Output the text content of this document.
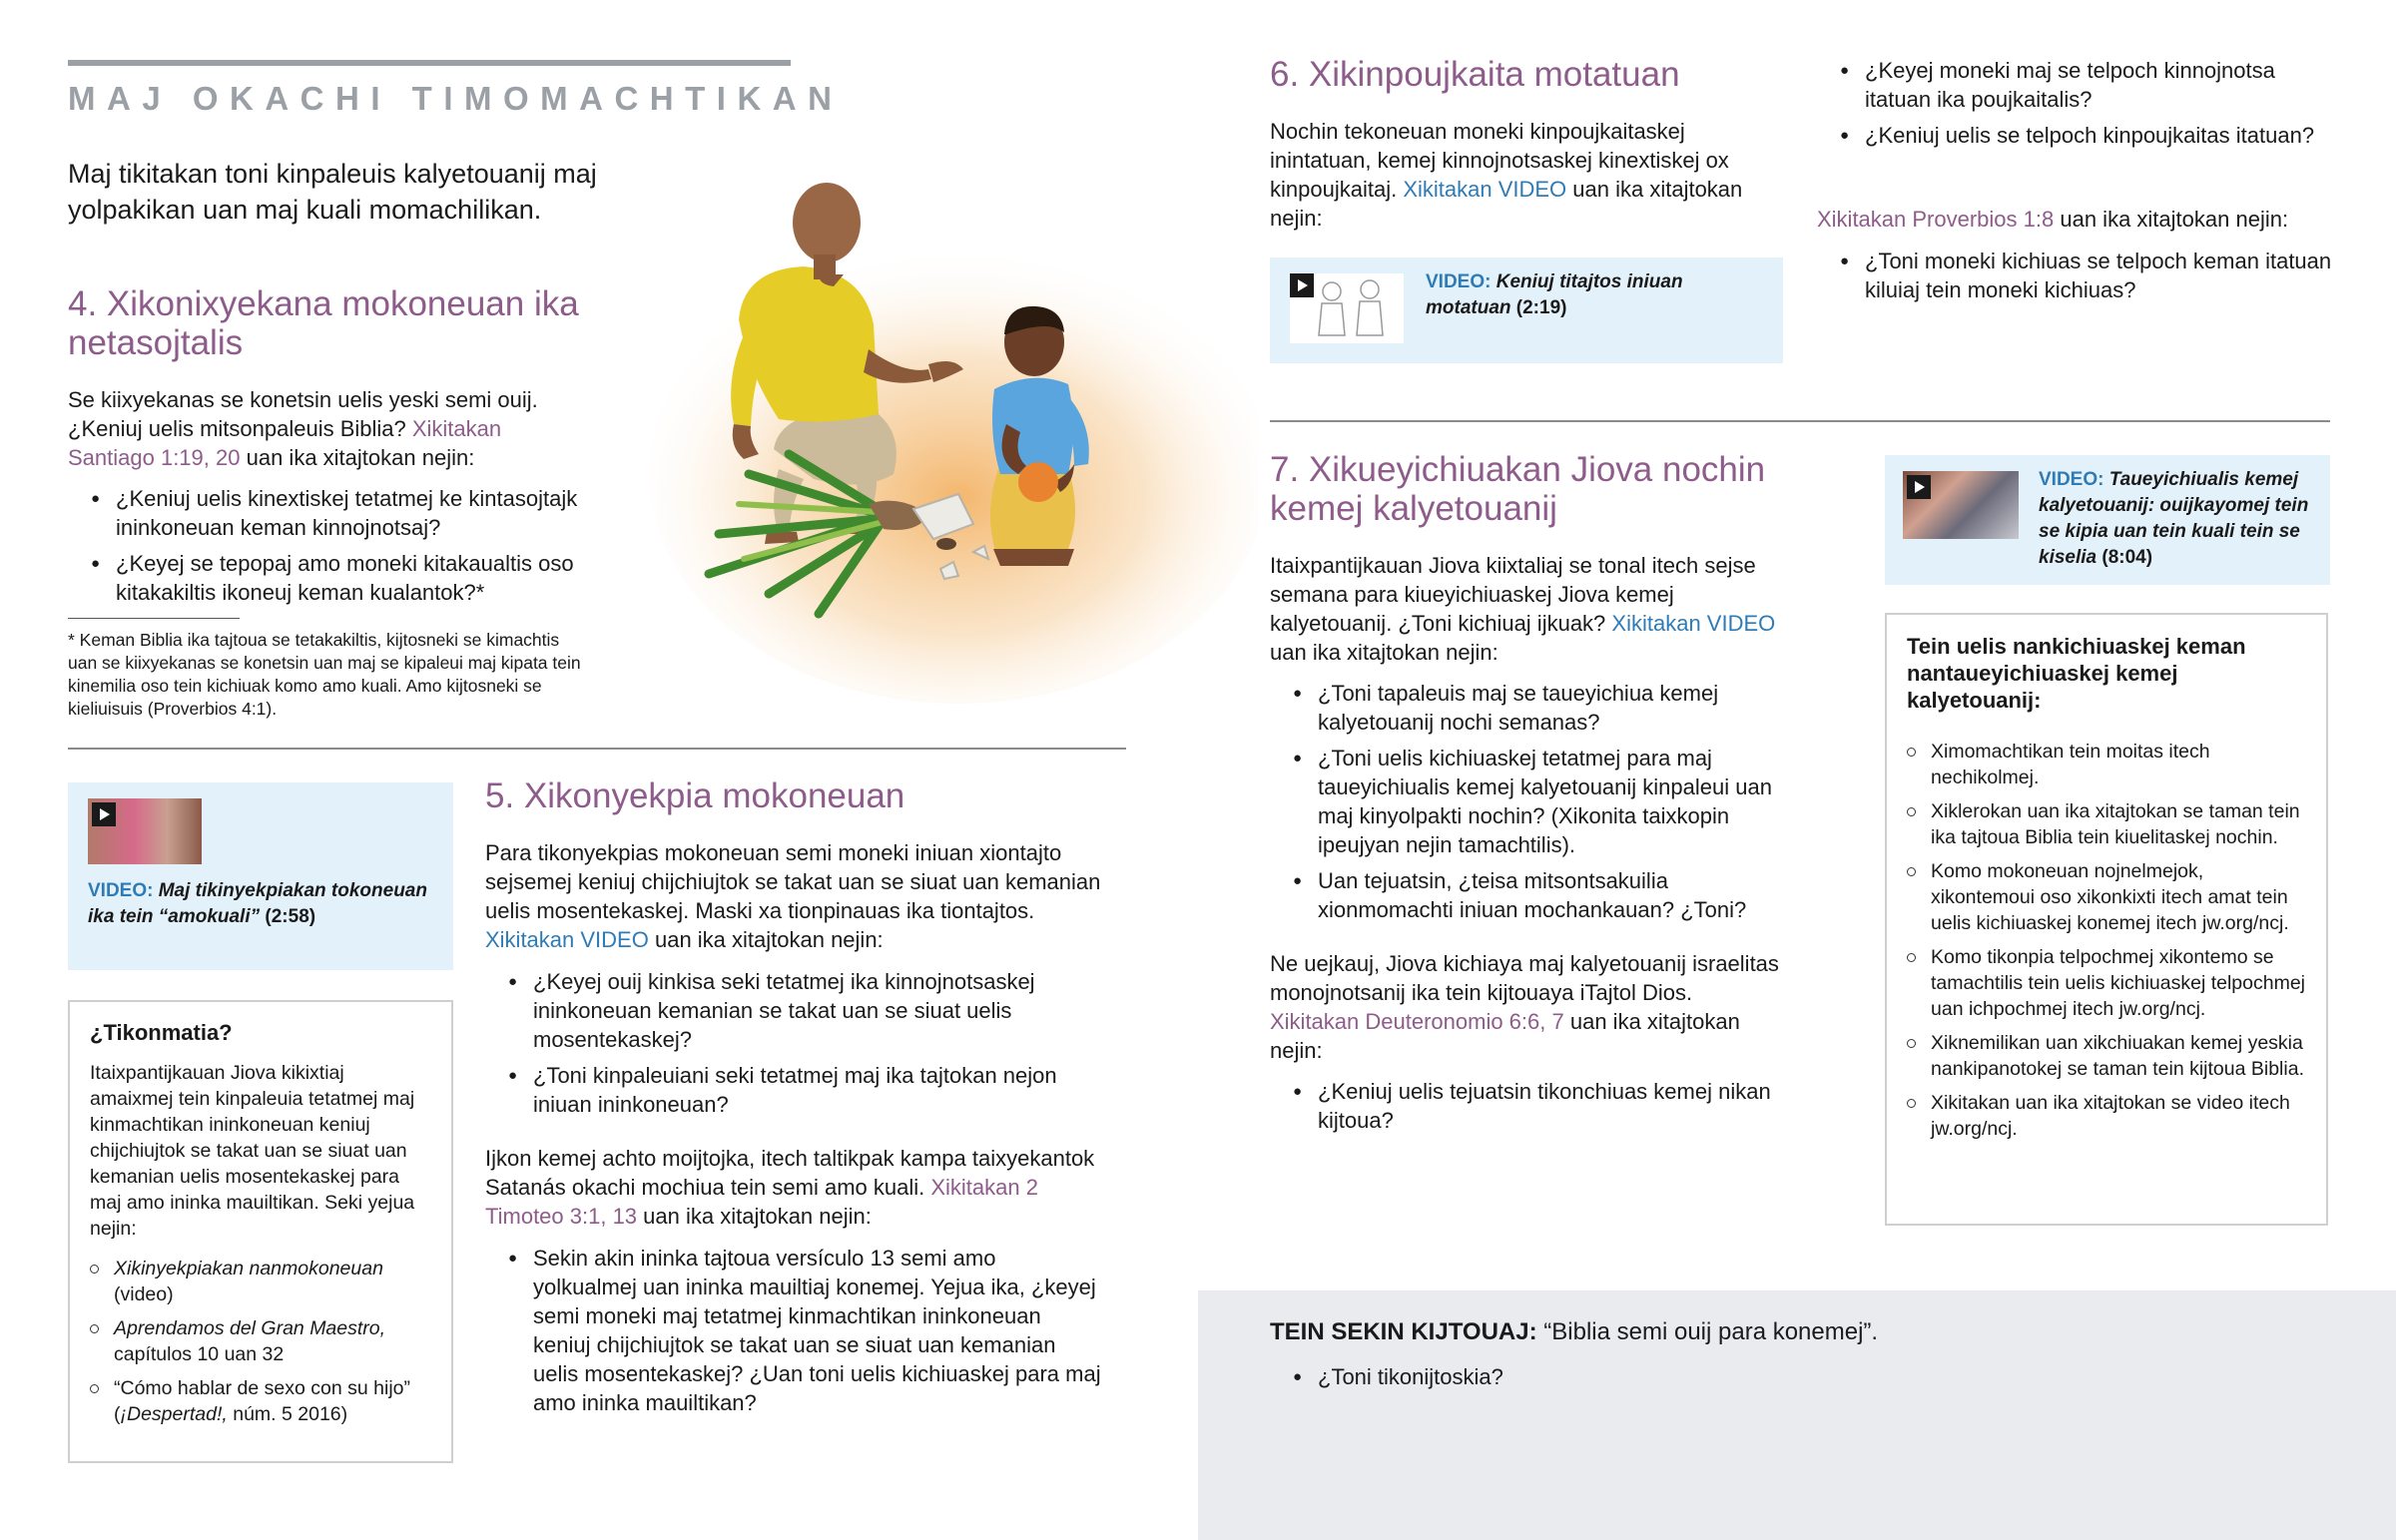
MAJ OKACHI TIMOMACHTIKAN

Maj tikitakan toni kinpaleuis kalyetouanij maj yolpakikan uan maj kuali momachilikan.

4. Xikonixyekana mokoneuan ika netasojtalis

Se kiixyekanas se konetsin uelis yeski semi ouij. ¿Keniuj uelis mitsonpaleuis Biblia? Xikitakan Santiago 1:19, 20 uan ika xitajtokan nejin:

● ¿Keniuj uelis kinextiskej tetatmej ke kintasojtajk ininkoneuan keman kinnojnotsaj?
● ¿Keyej se tepopaj amo moneki kitakaualtis oso kitakakiltis ikoneuj keman kualantok?*

* Keman Biblia ika tajtoua se tetakakiltis, kijtosneki se kimachtis uan se kiixyekanas se konetsin uan maj se kipaleui maj kipata tein kinemilia oso tein kichiuak komo amo kuali. Amo kijtosneki se kieliuisuis (Proverbios 4:1).

VIDEO: Maj tikinyekpiakan tokoneuan ika tein “amokuali” (2:58)
¿Tikonmatia?

Itaixpantijkauan Jiova kikixtiaj amaixmej tein kinpaleuia tetatmej maj kinmachtikan ininkoneuan keniuj chijchiujtok se takat uan se siuat uan kemanian uelis mosentekaskej para maj amo ininka mauiltikan. Seki yejua nejin:

Xikinyekpiakan nanmokoneuan (video)
Aprendamos del Gran Maestro, capítulos 10 uan 32
“Cómo hablar de sexo con su hijo” (¡Despertad!, núm. 5 2016)
5. Xikonyekpia mokoneuan

Para tikonyekpias mokoneuan semi moneki iniuan xiontajto sejsemej keniuj chijchiujtok se takat uan se siuat uan kemanian uelis mosentekaskej. Maski xa tionpinauas ika tiontajtos. Xikitakan VIDEO uan ika xitajtokan nejin:

● ¿Keyej ouij kinkisa seki tetatmej ika kinnojnotsaskej ininkoneuan kemanian se takat uan se siuat uelis mosentekaskej?
● ¿Toni kinpaleuiani seki tetatmej maj ika tajtokan nejon iniuan ininkoneuan?

Ijkon kemej achto moijtojka, itech taltikpak kampa taixyekantok Satanás okachi mochiua tein semi amo kuali. Xikitakan 2 Timoteo 3:1, 13 uan ika xitajtokan nejin:

● Sekin akin ininka tajtoua versículo 13 semi amo yolkualmej uan ininka mauiltiaj konemej. Yejua ika, ¿keyej semi moneki maj tetatmej kinmachtikan ininkoneuan keniuj chijchiujtok se takat uan se siuat uan kemanian uelis mosentekaskej? ¿Uan toni uelis kichiuaskej para maj amo ininka mauiltikan?
6. Xikinpoujkaita motatuan

Nochin tekoneuan moneki kinpoujkaitaskej inintatuan, kemej kinnojnotsaskej kinextiskej ox kinpoujkaitaj. Xikitakan VIDEO uan ika xitajtokan nejin:

VIDEO: Keniuj titajtos iniuan motatuan (2:19)
● ¿Keyej moneki maj se telpoch kinnojnotsa itatuan ika poujkaitalis?
● ¿Keniuj uelis se telpoch kinpoujkaitas itatuan?

Xikitakan Proverbios 1:8 uan ika xitajtokan nejin:

● ¿Toni moneki kichiuas se telpoch keman itatuan kiluiaj tein moneki kichiuas?
7. Xikueyichiuakan Jiova nochin kemej kalyetouanij

Itaixpantijkauan Jiova kiixtaliaj se tonal itech sejse semana para kiueyichiuaskej Jiova kemej kalyetouanij. ¿Toni kichiuaj ijkuak? Xikitakan VIDEO uan ika xitajtokan nejin:

● ¿Toni tapaleuis maj se taueyichiua kemej kalyetouanij nochi semanas?
● ¿Toni uelis kichiuaskej tetatmej para maj taueyichiualis kemej kalyetouanij kinpaleui uan maj kinyolpakti nochin? (Xikonita taixkopin ipeujyan nejin tamachtilis).
● Uan tejuatsin, ¿teisa mitsontsakuilia xionmomachti iniuan mochankauan? ¿Toni?

Ne uejkauj, Jiova kichiaya maj kalyetouanij israelitas monojnotsanij ika tein kijtouaya iTajtol Dios. Xikitakan Deuteronomio 6:6, 7 uan ika xitajtokan nejin:

● ¿Keniuj uelis tejuatsin tikonchiuas kemej nikan kijtoua?
VIDEO: Taueyichiualis kemej kalyetouanij: ouijkayomej tein se kipia uan tein kuali tein se kiselia (8:04)
Tein uelis nankichiuaskej keman nantaueyichiuaskej kemej kalyetouanij:
Ximomachtikan tein moitas itech nechikolmej.
Xiklerokan uan ika xitajtokan se taman tein ika tajtoua Biblia tein kiuelitaskej nochin.
Komo mokoneuan nojnelmejok, xikontemoui oso xikonkixti itech amat tein uelis kichiuaskej konemej itech jw.org/ncj.
Komo tikonpia telpochmej xikontemo se tamachtilis tein uelis kichiuaskej telpochmej uan ichpochmej itech jw.org/ncj.
Xiknemilikan uan xikchiuakan kemej yeskia nankipanotokej se taman tein kijtoua Biblia.
Xikitakan uan ika xitajtokan se video itech jw.org/ncj.
TEIN SEKIN KIJTOUAJ: “Biblia semi ouij para konemej”.
● ¿Toni tikonijtoskia?
